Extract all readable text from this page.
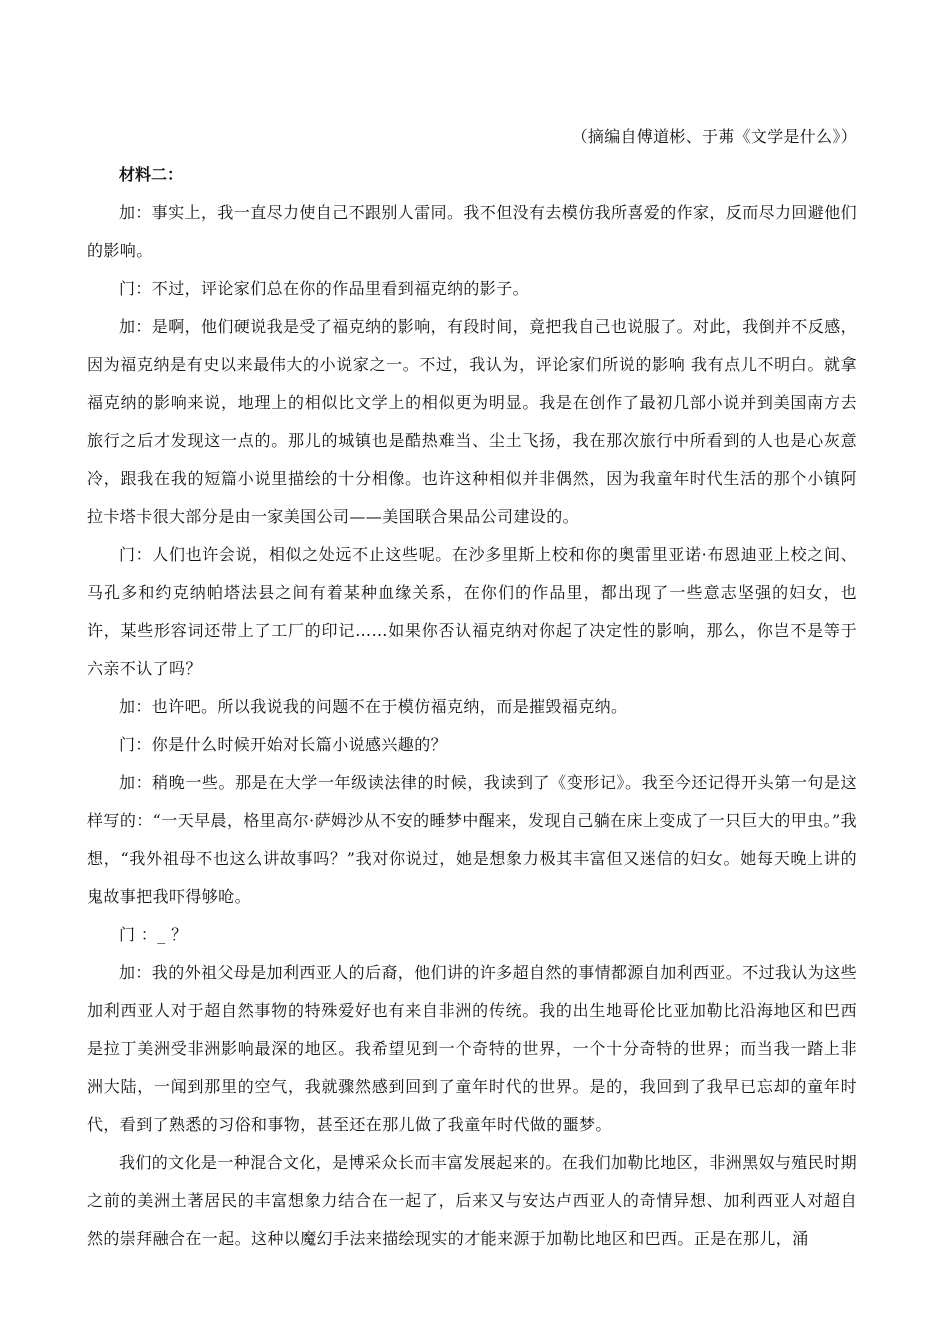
（摘编自傅道彬、于茀《文学是什么》）

材料二：

加：事实上，我一直尽力使自己不跟别人雷同。我不但没有去模仿我所喜爱的作家，反而尽力回避他们的影响。

门：不过，评论家们总在你的作品里看到福克纳的影子。

加：是啊，他们硬说我是受了福克纳的影响，有段时间，竟把我自己也说服了。对此，我倒并不反感，因为福克纳是有史以来最伟大的小说家之一。不过，我认为，评论家们所说的影响 我有点儿不明白。就拿福克纳的影响来说，地理上的相似比文学上的相似更为明显。我是在创作了最初几部小说并到美国南方去旅行之后才发现这一点的。那儿的城镇也是酷热难当、尘土飞扬，我在那次旅行中所看到的人也是心灰意冷，跟我在我的短篇小说里描绘的十分相像。也许这种相似并非偶然，因为我童年时代生活的那个小镇阿拉卡塔卡很大部分是由一家美国公司——美国联合果品公司建设的。

门：人们也许会说，相似之处远不止这些呢。在沙多里斯上校和你的奥雷里亚诺·布恩迪亚上校之间、马孔多和约克纳帕塔法县之间有着某种血缘关系，在你们的作品里，都出现了一些意志坚强的妇女，也许，某些形容词还带上了工厂的印记……如果你否认福克纳对你起了决定性的影响，那么，你岂不是等于六亲不认了吗？

加：也许吧。所以我说我的问题不在于模仿福克纳，而是摧毁福克纳。

门：你是什么时候开始对长篇小说感兴趣的？

加：稍晚一些。那是在大学一年级读法律的时候，我读到了《变形记》。我至今还记得开头第一句是这样写的：“一天早晨，格里高尔·萨姆沙从不安的睡梦中醒来，发现自己躺在床上变成了一只巨大的甲虫。”我想，“我外祖母不也这么讲故事吗？”我对你说过，她是想象力极其丰富但又迷信的妇女。她每天晚上讲的鬼故事把我吓得够呛。

门 ：_ ？

加：我的外祖父母是加利西亚人的后裔，他们讲的许多超自然的事情都源自加利西亚。不过我认为这些加利西亚人对于超自然事物的特殊爱好也有来自非洲的传统。我的出生地哥伦比亚加勒比沿海地区和巴西是拉丁美洲受非洲影响最深的地区。我希望见到一个奇特的世界，一个十分奇特的世界；而当我一踏上非洲大陆，一闻到那里的空气，我就骤然感到回到了童年时代的世界。是的，我回到了我早已忘却的童年时代，看到了熟悉的习俗和事物，甚至还在那儿做了我童年时代做的噩梦。

我们的文化是一种混合文化，是博采众长而丰富发展起来的。在我们加勒比地区，非洲黑奴与殖民时期之前的美洲土著居民的丰富想象力结合在一起了，后来又与安达卢西亚人的奇情异想、加利西亚人对超自然的崇拜融合在一起。这种以魔幻手法来描绘现实的才能来源于加勒比地区和巴西。正是在那儿，涌
